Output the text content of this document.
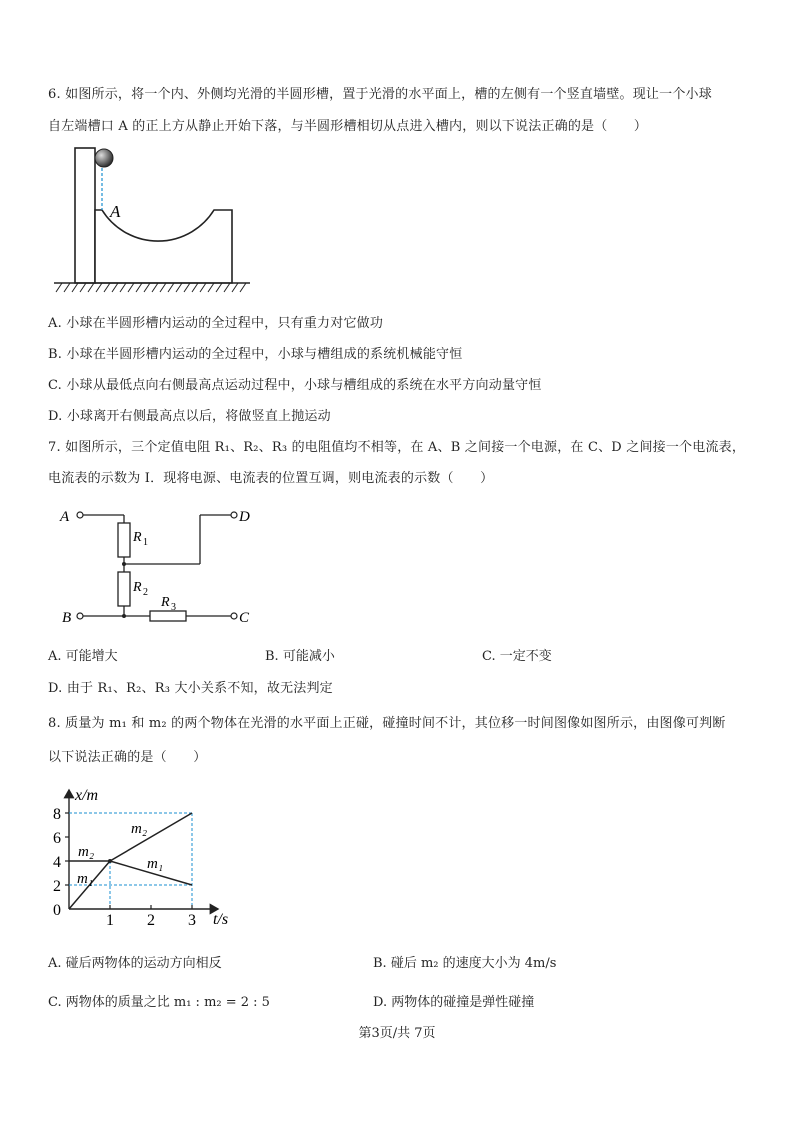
6. 如图所示，将一个内、外侧均光滑的半圆形槽，置于光滑的水平面上，槽的左侧有一个竖直墙壁。现让一个小球
自左端槽口 A 的正上方从静止开始下落，与半圆形槽相切从点进入槽内，则以下说法正确的是（　　）
A
A. 小球在半圆形槽内运动的全过程中，只有重力对它做功
B. 小球在半圆形槽内运动的全过程中，小球与槽组成的系统机械能守恒
C. 小球从最低点向右侧最高点运动过程中，小球与槽组成的系统在水平方向动量守恒
D. 小球离开右侧最高点以后，将做竖直上抛运动
7. 如图所示，三个定值电阻 R₁、R₂、R₃ 的电阻值均不相等，在 A、B 之间接一个电源，在 C、D 之间接一个电流表，
电流表的示数为 I．现将电源、电流表的位置互调，则电流表的示数（　　）
A	D
B	C
R 1
R 2
R 3
A. 可能增大	B. 可能减小	C. 一定不变
D. 由于 R₁、R₂、R₃ 大小关系不知，故无法判定
8. 质量为 m₁ 和 m₂ 的两个物体在光滑的水平面上正碰，碰撞时间不计，其位移一时间图像如图所示，由图像可判断
以下说法正确的是（　　）
0
2
4
6
8
1 2 3
x/m
t/s
m₂
m₂
m₁
m₁
A. 碰后两物体的运动方向相反	B. 碰后 m₂ 的速度大小为 4m/s
C. 两物体的质量之比 m₁ : m₂ = 2 : 5	D. 两物体的碰撞是弹性碰撞
第3页/共 7页
